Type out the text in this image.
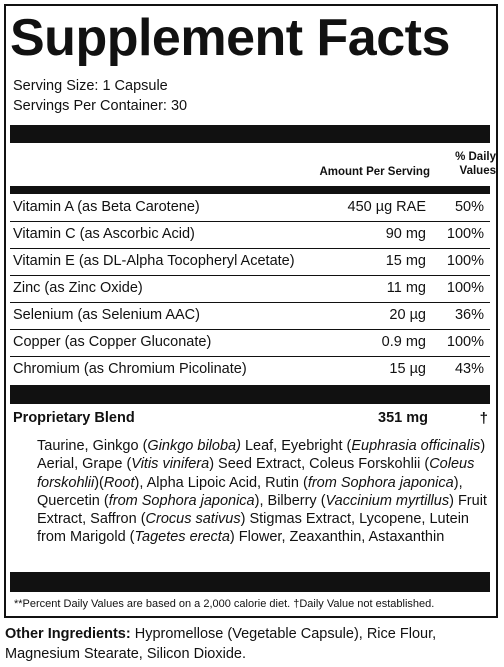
Supplement Facts
Serving Size: 1 Capsule
Servings Per Container: 30
Amount Per Serving
% Daily
Values
Vitamin A (as Beta Carotene)	450 µg RAE 50%
Vitamin C (as Ascorbic Acid)	90 mg 100%
Vitamin E (as DL-Alpha Tocopheryl Acetate)	15 mg 100%
Zinc (as Zinc Oxide)	11 mg 100%
Selenium (as Selenium AAC)	20 µg 36%
Copper (as Copper Gluconate)	0.9 mg 100%
Chromium (as Chromium Picolinate)	15 µg 43%
Proprietary Blend	351 mg	†
Taurine, Ginkgo (Ginkgo biloba) Leaf, Eyebright (Euphrasia officinalis) Aerial, Grape (Vitis vinifera) Seed Extract, Coleus Forskohlii (Coleus forskohlii)(Root), Alpha Lipoic Acid, Rutin (from Sophora japonica), Quercetin (from Sophora japonica), Bilberry (Vaccinium myrtillus) Fruit Extract, Saffron (Crocus sativus) Stigmas Extract, Lycopene, Lutein from Marigold (Tagetes erecta) Flower, Zeaxanthin, Astaxanthin
**Percent Daily Values are based on a 2,000 calorie diet. †Daily Value not established.
Other Ingredients: Hypromellose (Vegetable Capsule), Rice Flour, Magnesium Stearate, Silicon Dioxide.
